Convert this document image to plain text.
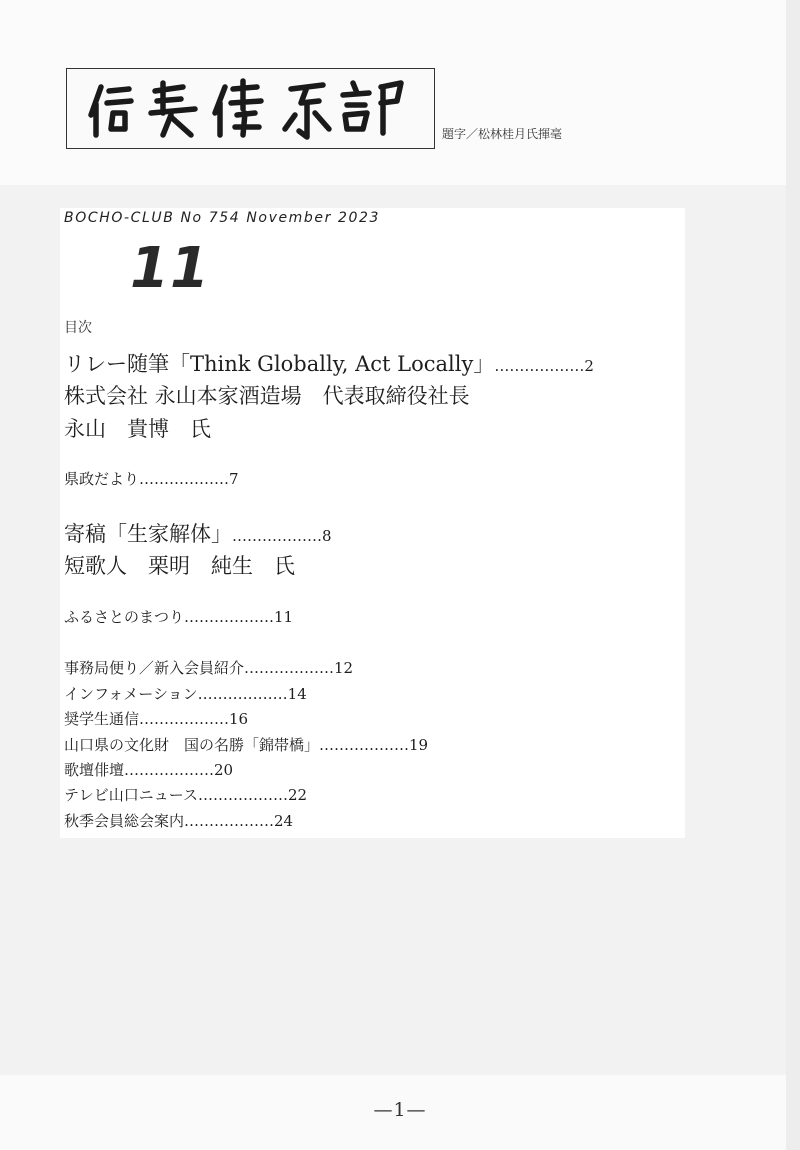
題字／松林桂月氏揮毫
BOCHO-CLUB No 754 November 2023
11
目次
リレー随筆「Think Globally, Act Locally」………………2
株式会社 永山本家酒造場　代表取締役社長
永山　貴博　氏
県政だより………………7
寄稿「生家解体」………………8
短歌人　栗明　純生　氏
ふるさとのまつり………………11
事務局便り／新入会員紹介………………12
インフォメーション………………14
奨学生通信………………16
山口県の文化財　国の名勝「錦帯橋」………………19
歌壇俳壇………………20
テレビ山口ニュース………………22
秋季会員総会案内………………24
—1—
